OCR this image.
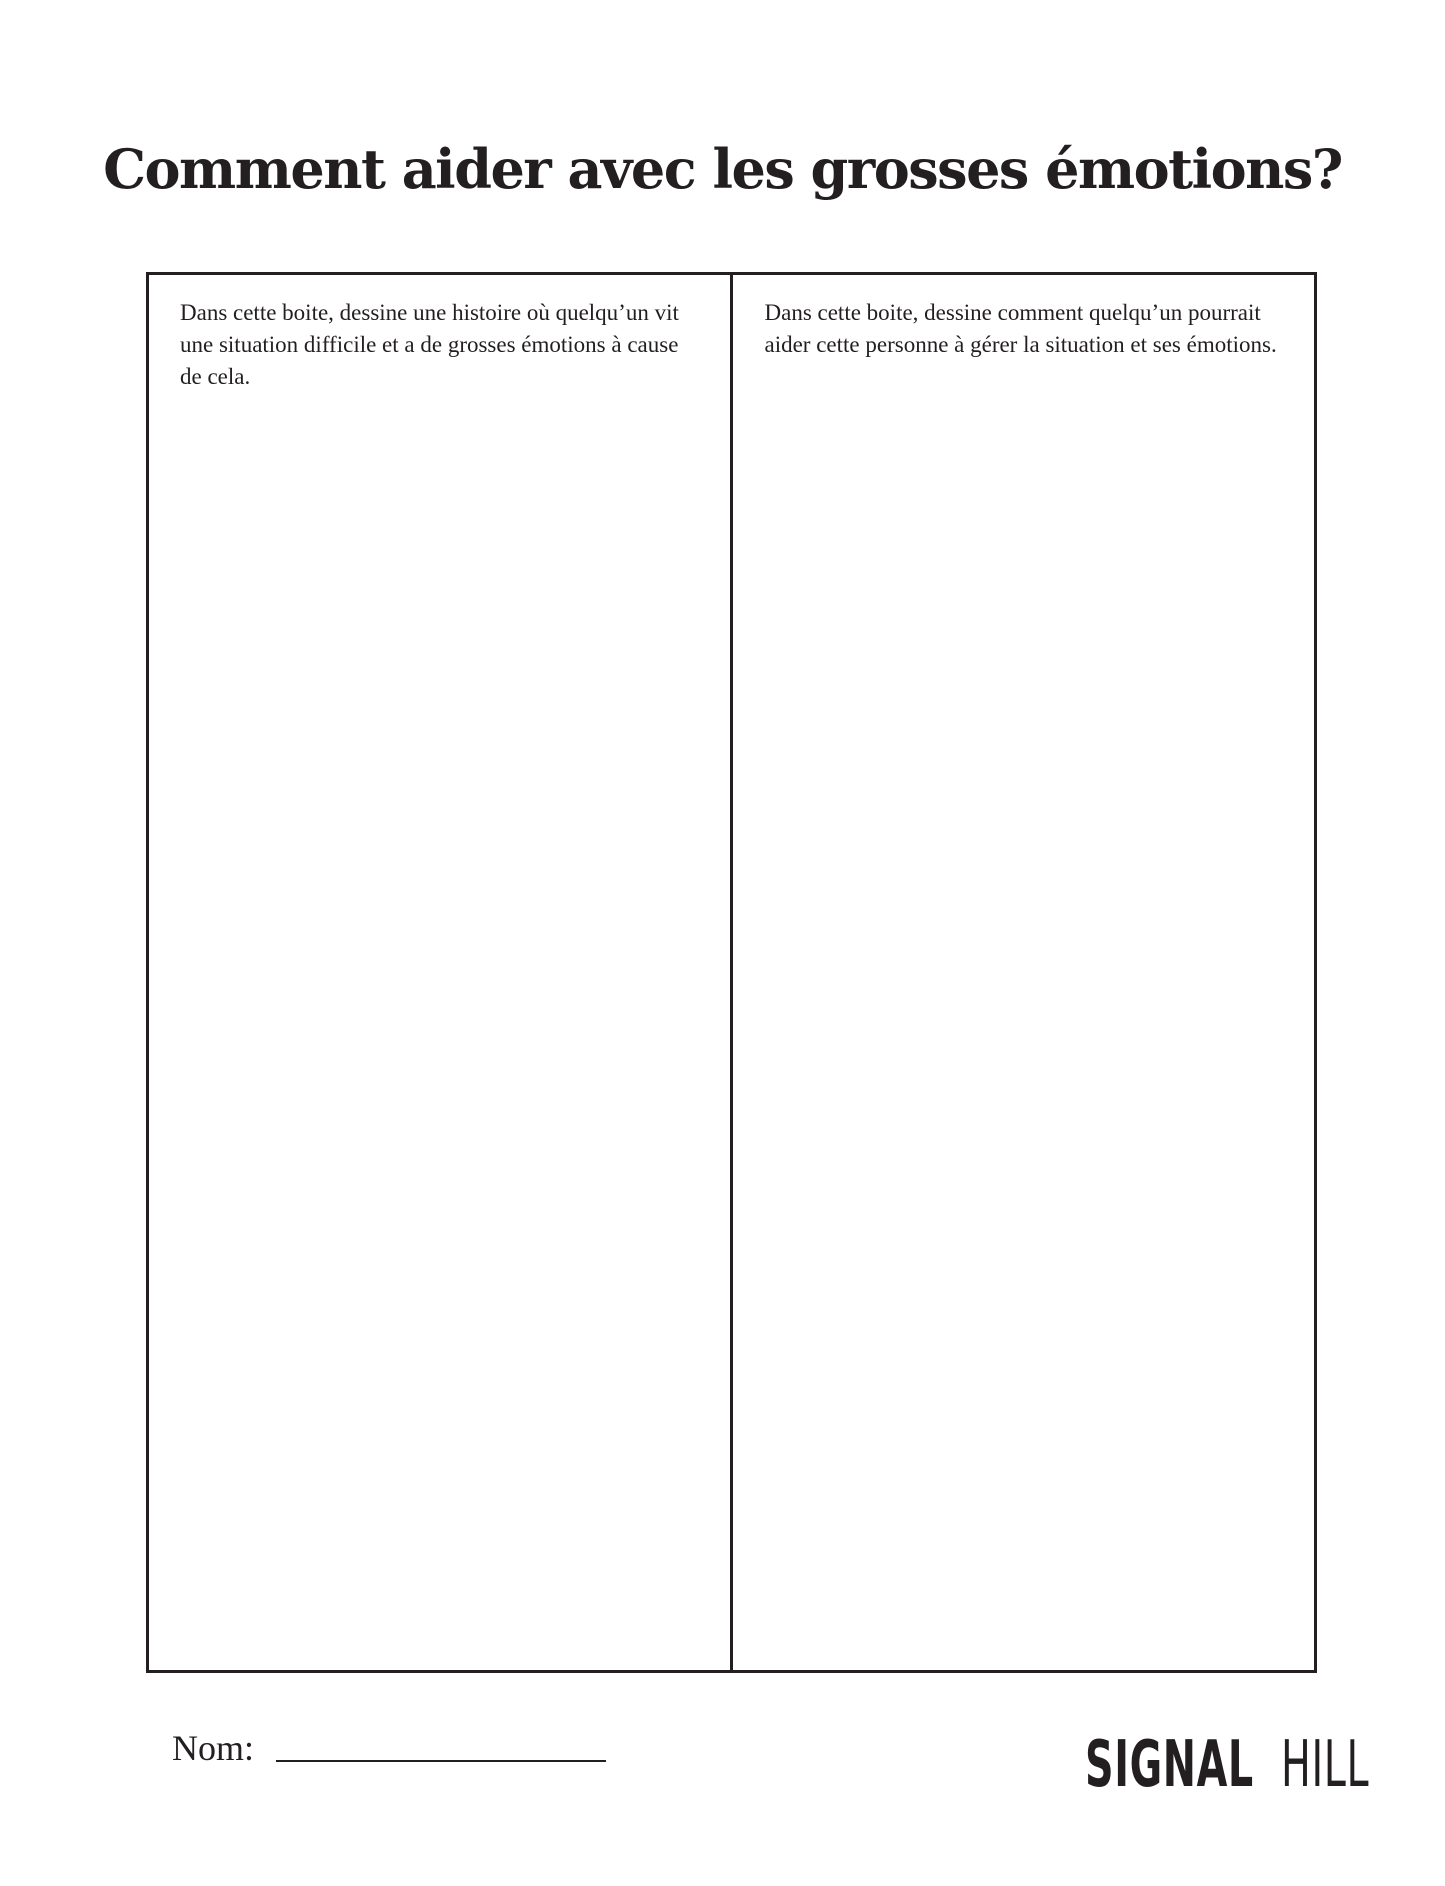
Comment aider avec les grosses émotions?

Dans cette boite, dessine une histoire où quelqu’un vit une situation difficile et a de grosses émotions à cause de cela.

Dans cette boite, dessine comment quelqu’un pourrait aider cette personne à gérer la situation et ses émotions.

Nom:	SIGNAL HILL
